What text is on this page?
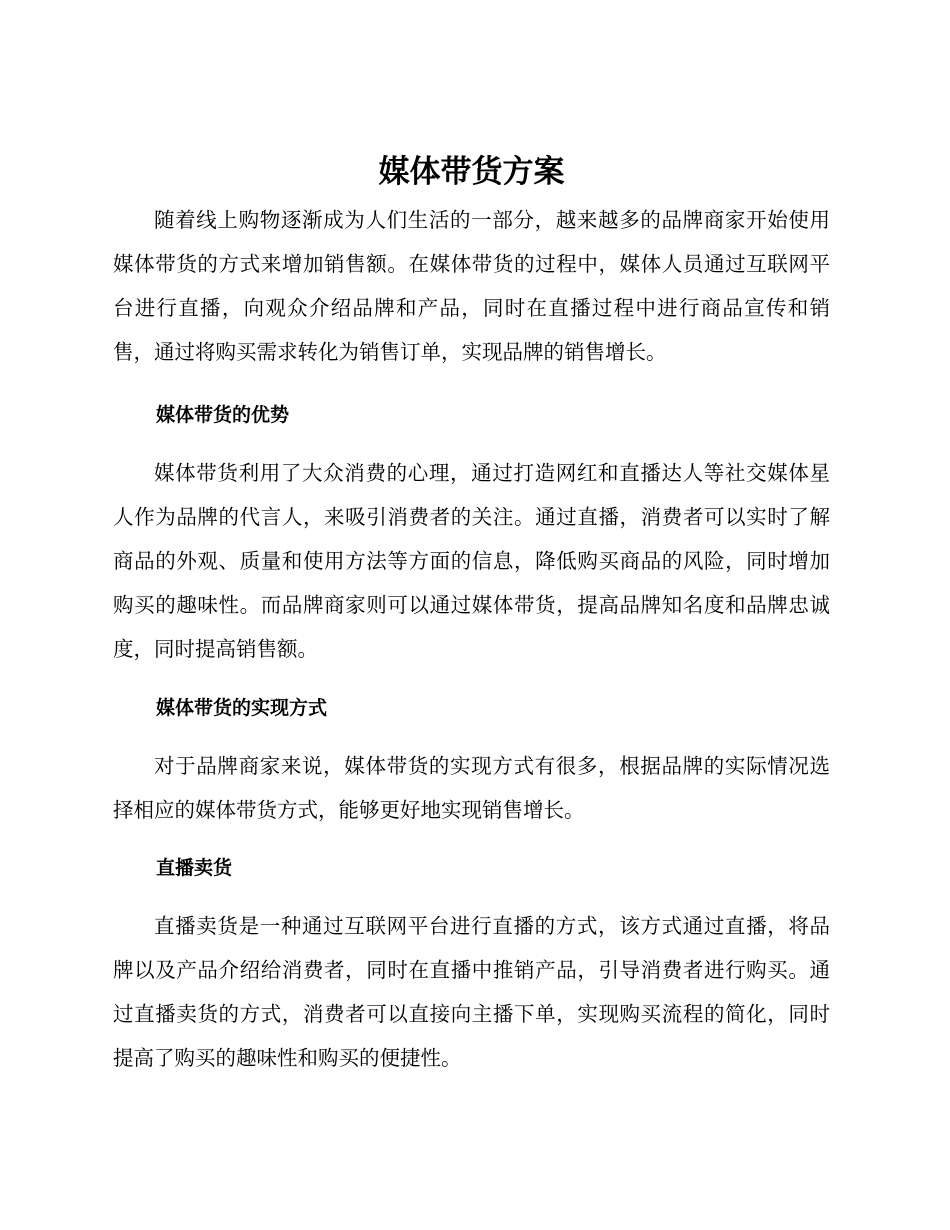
媒体带货方案

随着线上购物逐渐成为人们生活的一部分，越来越多的品牌商家开始使用媒体带货的方式来增加销售额。在媒体带货的过程中，媒体人员通过互联网平台进行直播，向观众介绍品牌和产品，同时在直播过程中进行商品宣传和销售，通过将购买需求转化为销售订单，实现品牌的销售增长。

媒体带货的优势

媒体带货利用了大众消费的心理，通过打造网红和直播达人等社交媒体星人作为品牌的代言人，来吸引消费者的关注。通过直播，消费者可以实时了解商品的外观、质量和使用方法等方面的信息，降低购买商品的风险，同时增加购买的趣味性。而品牌商家则可以通过媒体带货，提高品牌知名度和品牌忠诚度，同时提高销售额。

媒体带货的实现方式

对于品牌商家来说，媒体带货的实现方式有很多，根据品牌的实际情况选择相应的媒体带货方式，能够更好地实现销售增长。

直播卖货

直播卖货是一种通过互联网平台进行直播的方式，该方式通过直播，将品牌以及产品介绍给消费者，同时在直播中推销产品，引导消费者进行购买。通过直播卖货的方式，消费者可以直接向主播下单，实现购买流程的简化，同时提高了购买的趣味性和购买的便捷性。
